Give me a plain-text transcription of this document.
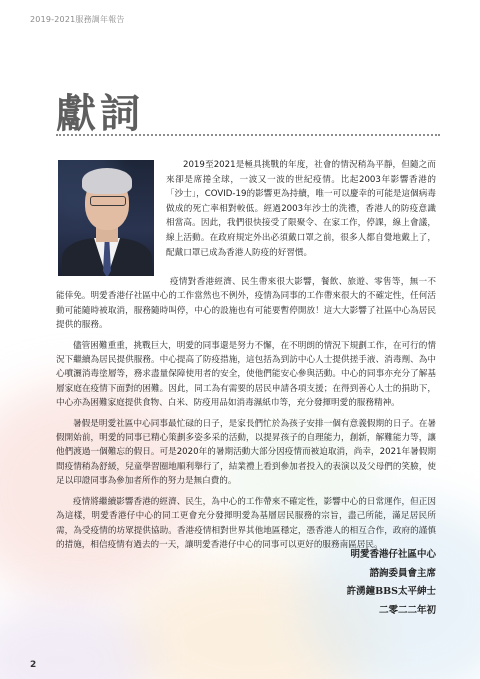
2019-2021服務調年報告
獻詞

2019至2021是極具挑戰的年度，社會的情況稍為平靜，但隨之而來卻是席捲全球，一波又一波的世紀疫情。比起2003年影響香港的「沙士」，COVID-19的影響更為持續，唯一可以慶幸的可能是這個病毒做成的死亡率相對較低。經過2003年沙士的洗禮，香港人的防疫意識相當高。因此，我們很快接受了限聚令、在家工作，停課，線上會議，線上活動。在政府規定外出必須戴口罩之前，很多人都自覺地戴上了，配戴口罩已成為香港人防疫的好習慣。

疫情對香港經濟、民生帶來很大影響，餐飲、旅遊、零售等，無一不能倖免。明愛香港仔社區中心的工作當然也不例外，疫情為同事的工作帶來很大的不確定性，任何活動可能隨時被取消，服務隨時叫停，中心的設施也有可能要暫停開放！這大大影響了社區中心為居民提供的服務。

儘管困難重重，挑戰巨大，明愛的同事還是努力不懈，在不明朗的情況下規劃工作，在可行的情況下繼續為居民提供服務。中心提高了防疫措施，這包括為到訪中心人士提供搓手液、消毒劑、為中心噴灑消毒塗層等，務求盡量保障使用者的安全，使他們能安心參與活動。中心的同事亦充分了解基層家庭在疫情下面對的困難。因此，同工為有需要的居民申請各項支援；在得到善心人士的捐助下，中心亦為困難家庭提供食物、白米、防疫用品如消毒濕紙巾等，充分發揮明愛的服務精神。

暑假是明愛社區中心同事最忙碌的日子，是家長們忙於為孩子安排一個有意義假期的日子。在暑假開始前，明愛的同事已精心策劃多姿多采的活動，以提昇孩子的自理能力，創新，解難能力等，讓他們渡過一個難忘的假日。可是2020年的暑期活動大部分因疫情而被迫取消，尚幸，2021年暑假期間疫情稍為舒緩，兒童學習圈地順利舉行了，結業禮上看到參加者投入的表演以及父母們的笑臉，使足以印證同事為參加者所作的努力是無白費的。

疫情將繼續影響香港的經濟、民生，為中心的工作帶來不確定性，影響中心的日常運作，但正因為這樣，明愛香港仔中心的同工更會充分發揮明愛為基層居民服務的宗旨，盡己所能，滿足居民所需，為受疫情的坊眾提供協助。香港疫情相對世界其他地區穩定，憑香港人的相互合作，政府的謹慎的措施，相信疫情有過去的一天，讓明愛香港仔中心的同事可以更好的服務南區居民。

明愛香港仔社區中心
諮詢委員會主席
許湧鐘BBS太平紳士
二零二二年初
2
